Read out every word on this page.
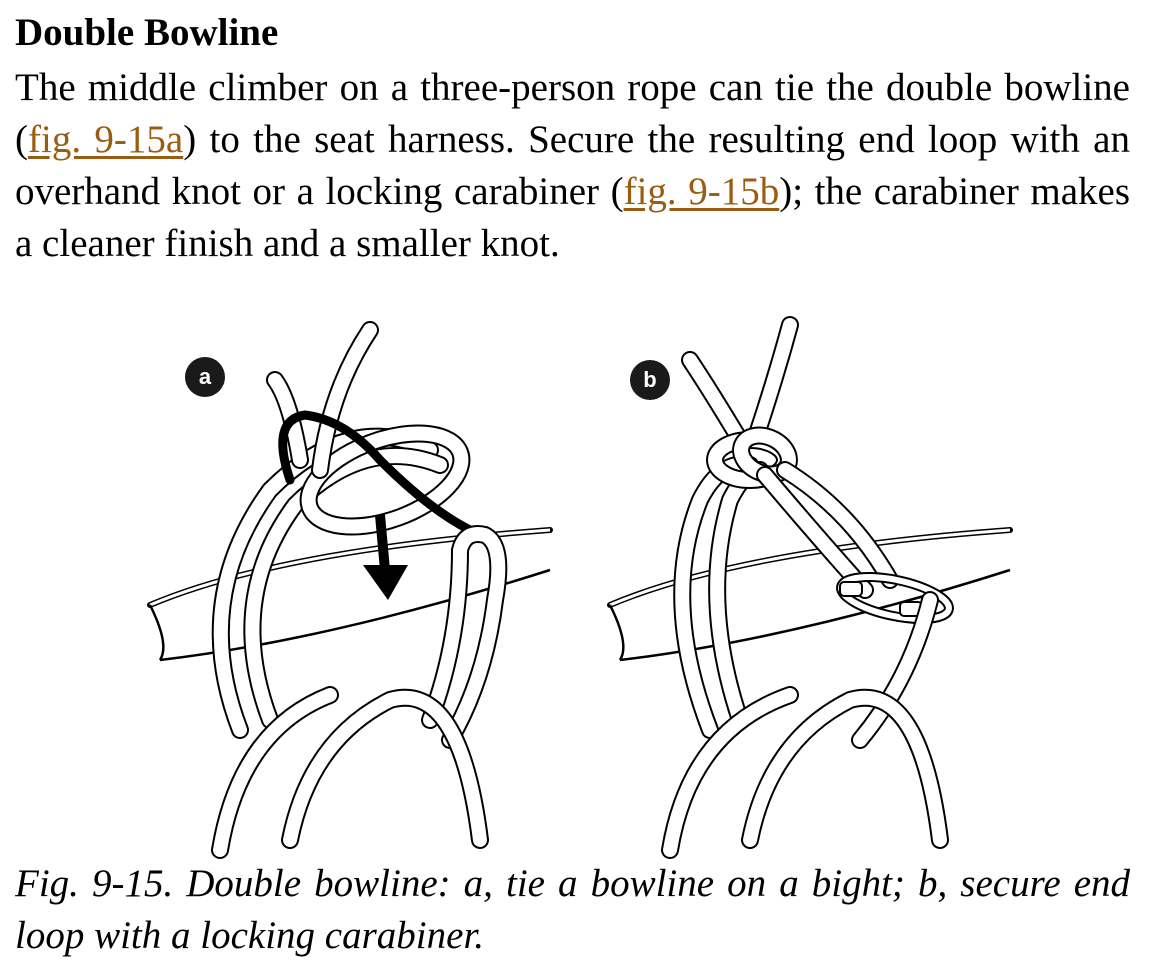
Double Bowline

The middle climber on a three-person rope can tie the double bowline (fig. 9-15a) to the seat harness. Secure the resulting end loop with an overhand knot or a locking carabiner (fig. 9-15b); the carabiner makes a cleaner finish and a smaller knot.

a	b

Fig. 9-15. Double bowline: a, tie a bowline on a bight; b, secure end loop with a locking carabiner.
